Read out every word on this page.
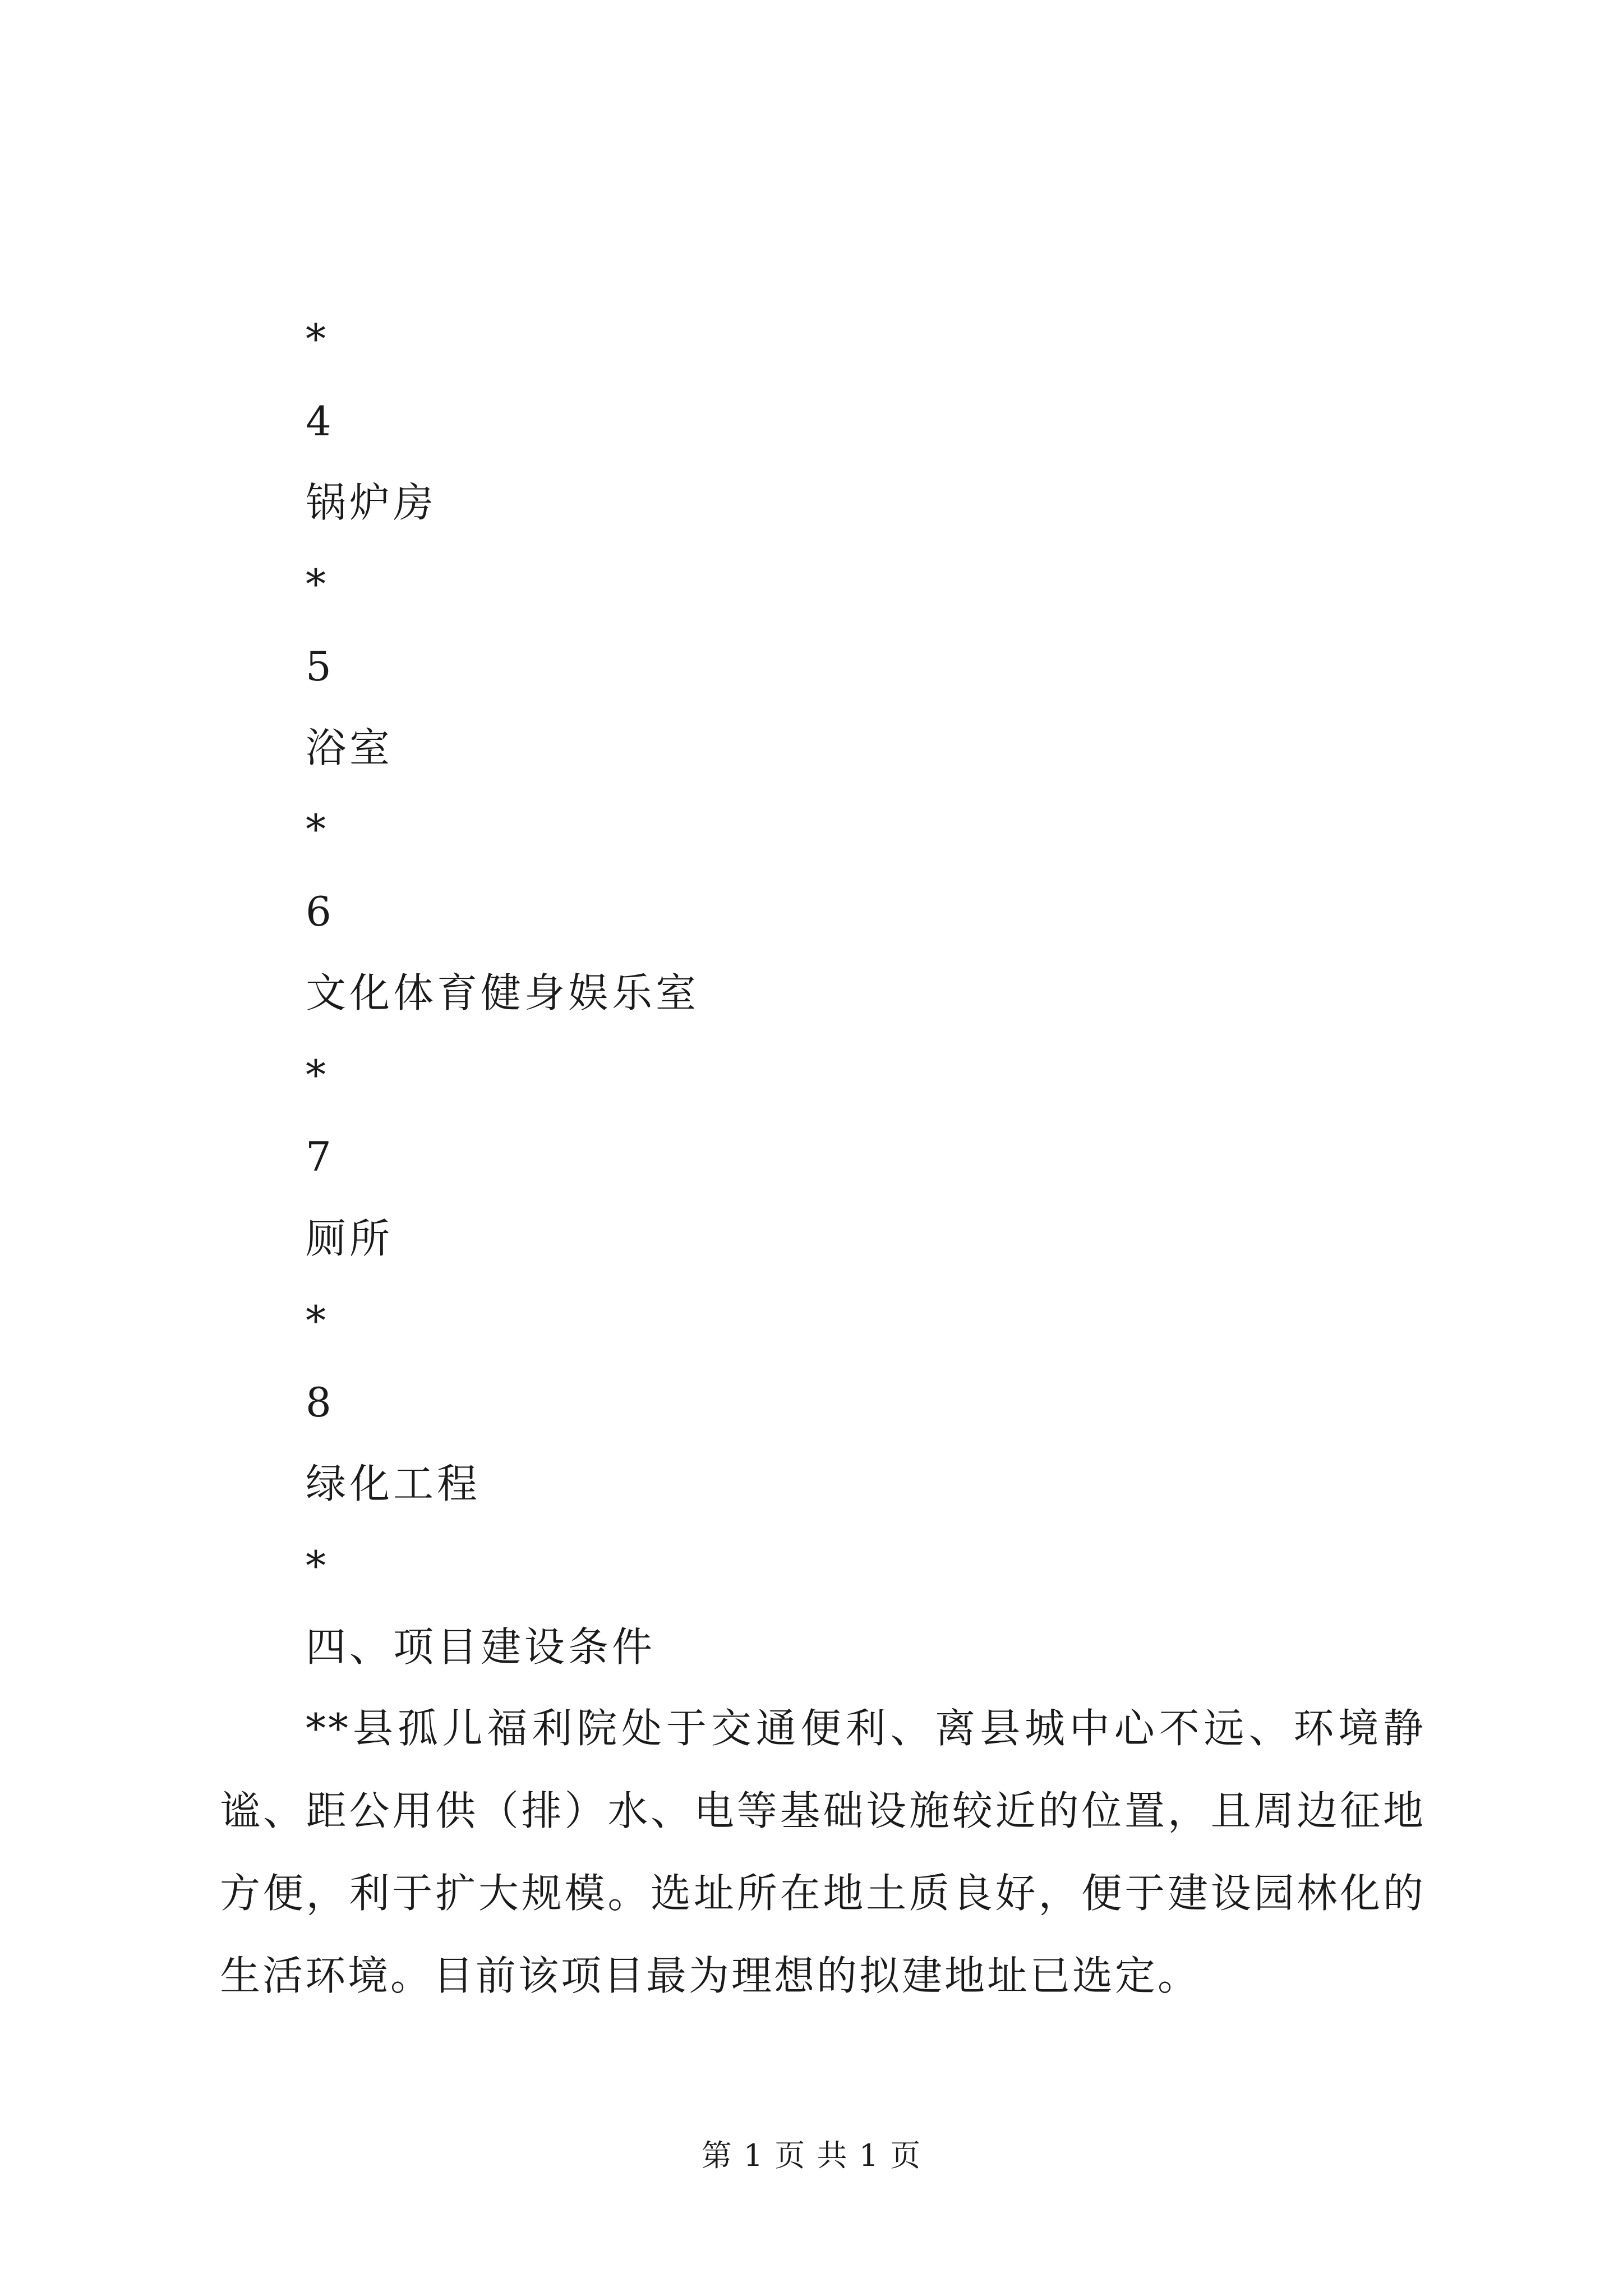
*
4
锅炉房
*
5
浴室
*
6
文化体育健身娱乐室
*
7
厕所
*
8
绿化工程
*
四、项目建设条件
**县孤儿福利院处于交通便利、离县城中心不远、环境静谧、距公用供（排）水、电等基础设施较近的位置，且周边征地方便，利于扩大规模。选址所在地土质良好，便于建设园林化的生活环境。目前该项目最为理想的拟建地址已选定。
第 1 页 共 1 页
